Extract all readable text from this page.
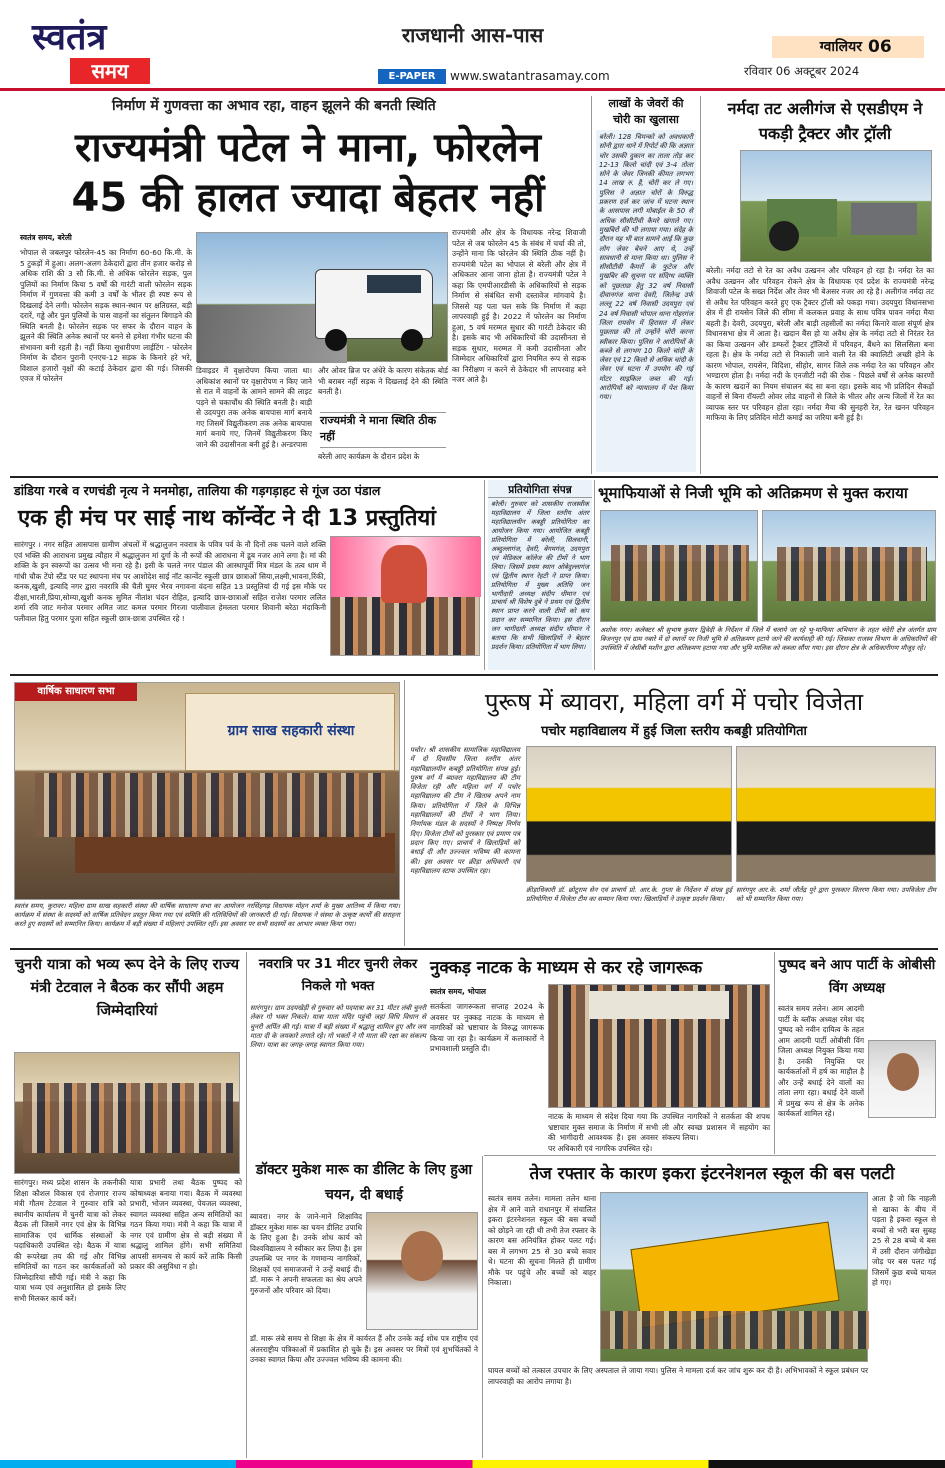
स्वतंत्र
समय
राजधानी आस-पास
E-PAPER	www.swatantrasamay.com
ग्वालियर 06
रविवार 06 अक्टूबर 2024
निर्माण में गुणवत्ता का अभाव रहा, वाहन झूलने की बनती स्थिति
राज्यमंत्री पटेल ने माना, फोरलेन
45 की हालत ज्यादा बेहतर नहीं
स्वतंत्र समय, बरेली
भोपाल से जबलपुर फोरलेन-45 का निर्माण 60-60 कि.मी. के 5 टुकड़ों में हुआ। अलग-अलग ठेकेदारों द्वारा तीन हजार करोड़ से अधिक राशि की 3 सौ कि.मी. से अधिक फोरलेन सड़क, पुल पुलियों का निर्माण किया 5 वर्षों की गारंटी वाली फोरलेन सड़क निर्माण में गुणवत्ता की कमी 3 वर्षों के भीतर ही स्पष्ट रूप से दिखलाई देने लगी। फोरलेन सड़क स्थान-स्थान पर क्षतिग्रस्त, बड़ी दरारें, गड्ढे और पुल पुलियों के पास वाहनों का संतुलन बिगाड़ने की स्थिति बनती है। फोरलेन सड़क पर सफर के दौरान वाहन के झूलने की स्थिति अनेक स्थानों पर बनने से हमेशा गंभीर घटना की संभावना बनी रहती है। नहीं किया सुधारीपण लाईटिंग - फोरलेन निर्माण के दौरान पुरानी एनएच-12 सड़क के किनारे हरे भरे, विशाल हजारों वृक्षों की कटाई ठेकेदार द्वारा की गई। जिसकी एवज में फोरलेन
डिवाइडर में वृक्षारोपण किया जाता था। अधिकांश स्थानों पर वृक्षारोपण न किए जाने से रात में वाहनों के आमने सामने की लाइट पड़ने से चकाचौंध की स्थिति बनती है। बाड़ी से उदयपुरा तक अनेक बायपास मार्ग बनाये गए जिसमें विद्युतीकरण तक अनेक बायपास मार्ग बनाये गए, जिनमें विद्युतीकरण किए जाने की उदासीनता बनी हुई है। अन्डरपास
और ओवर ब्रिज पर अंधेरे के कारण संकेतक बोर्ड भी बराबर नहीं सड़क ने दिखलाई देने की स्थिति बनती है।
राज्यमंत्री ने माना स्थिति ठीक नहीं
बरेली आए कार्यक्रम के दौरान प्रदेश के
राज्यमंत्री और क्षेत्र के विधायक नरेन्द्र शिवाजी पटेल से जब फोरलेन 45 के संबंध में चर्चा की तो, उन्होंने माना कि फोरलेन की स्थिति ठीक नहीं है। राज्यमंत्री पटेल का भोपाल से बरेली और क्षेत्र में अधिकतर आना जाना होता है। राज्यमंत्री पटेल ने कहा कि एमपीआरडीसी के अधिकारियों से सड़क निर्माण से संबंधित सभी दस्तावेज मांगवाये है। जिससे यह पता चल सके कि निर्माण में कहा लापरवाही हुई है। 2022 में फोरलेन का निर्माण हुआ, 5 वर्ष मरम्मत सुधार की गारंटी ठेकेदार की है। इसके बाद भी अधिकारियों की उदासीनता से सड़क सुधार, मरम्मत में कमी उदासीनता और जिम्मेदार अधिकारियों द्वारा नियमित रूप से सड़क का निरीक्षण न करने से ठेकेदार भी लापरवाह बने नजर आते है।
लाखों के जेवरों की चोरी का खुलासा
बरेली। 128 चिमन्को को अवधकारी सोनी द्वारा थाने में रिपोर्ट की कि अज्ञात चोर उसकी दुकान का ताला तोड़ कर 12-13 किलो चांदी एवं 3-4 तोला सोने के जेवर जिनकी कीमत लगभग 14 लाख रु. है, चोरी कर ले गए। पुलिस ने अज्ञात चोरों के विरुद्ध प्रकरण दर्ज कर जांच में घटना स्थान के आसपास लगी मोबाईल के 50 से अधिक सीसीटीवी कैमरे खंगाले गए। मुखबिरों की भी लगाया गया। संदेह के दौरान यह भी बात सामने आई कि कुछ लोग जेवर बेचने आए थे, उन्हें सावधानी से माना किया था। पुलिस ने सीसीटीवी कैमरों के फुटेज और मुखबिर की सूचना पर संदिग्ध व्यक्ति को पूछताछ हेतु 32 वर्ष निवासी दीवानगंज थाना देवरी, जिलेन्द्र उर्फ लल्लू 22 वर्ष निवासी उदयपुरा एवं 24 वर्ष निवासी भोपाल थाना गोहरगंज जिला रायसेन में हिरासत में लेकर पूछताछ की तो उन्होंने चोरी करना स्वीकार किया। पुलिस ने आरोपियों के कब्जे से लगभग 10 किलो चांदी के जेवर एवं 12 किलो से अधिक चांदी के जेवर एवं घटना में उपयोग की गई मोटर साइकिल जब्त की गई। आरोपियों को न्यायालय में पेश किया गया।
नर्मदा तट अलीगंज से एसडीएम ने पकड़ी ट्रैक्टर और ट्रॉली
बरेली। नर्मदा तटो से रेत का अवैध उत्खनन और परिवहन हो रहा है। नर्मदा रेत का अवैध उत्खनन और परिवहन रोकने क्षेत्र के विधायक एवं प्रदेश के राज्यमंत्री नरेन्द्र शिवाजी पटेल के सख्त निर्देश और तेवर भी बेअसर नजर आ रहे है। अलीगंज नर्मदा तट से अवैध रेत परिवहन करते हुए एक ट्रैक्टर ट्रॉली को पकड़ा गया। उदयपुरा विधानसभा क्षेत्र में ही रायसेन जिले की सीमा में कलकल प्रवाह के साथ पवित्र पावन नर्मदा मैया बहती है। देवरी, उदयपुरा, बरेली और बाड़ी तहसीलों का नर्मदा किनारे वाला संपूर्ण क्षेत्र विधानसभा क्षेत्र में आता है। खदान बैंस हो या अवैध क्षेत्र के नर्मदा तटो से निरंतर रेत का किया उत्खनन और डम्फरों ट्रैक्टर ट्रॉलियों में परिवहन, बैंधने का सिलसिला बना रहता है। क्षेत्र के नर्मदा तटो से निकाली जाने वाली रेत की क्वालिटी अच्छी होने के कारण भोपाल, रायसेन, विदिशा, सीहोर, सागर जिले तक नर्मदा रेत का परिवहन और भण्डारण होता है। नर्मदा नदी के एनजीटी नदी की रोक - पिछले वर्षों से अनेक कारणों के कारण खदानें का नियम संचालन बंद सा बना रहा। इसके बाद भी प्रतिदिन सैकड़ों वाहनों से बिना रॉयल्टी ओवर लोड वाहनों से जिले के भीतर और अन्य जिलों में रेत का व्यापक स्तर पर परिवहन होता रहा। नर्मदा मैया की सुनहरी रेत, रेत खनन परिवहन माफिया के लिए प्रतिदिन मोटी कमाई का जरिया बनी हुई है।
डांडिया गरबे व रणचंडी नृत्य ने मनमोहा, तालिया की गड़गड़ाहट से गूंज उठा पंडाल
एक ही मंच पर साई नाथ कॉन्वेंट ने दी 13 प्रस्तुतियां
सारंगपुर । नगर सहित आसपास ग्रामीण अंचलों में श्रद्धालुजन नवरात्र के पवित्र पर्व के नौ दिनों तक चलने वाले शक्ति एवं भक्ति की आराधना प्रमुख त्यौहार में श्रद्धालुजन मां दुर्गा के नौ रूपों की आराधना में डूब नजर आने लगा है। मां की शक्ति के इन स्वरूपों का उत्सव भी मना रहे है। इसी के चलते नगर पंडाल की आस्थापूर्वी मित्र मंडल के तत्व धाम में गांधी चौक टेंपो स्टैंड पर घट स्थापना मंच पर आशोदेश साई नॉट कान्वेंट स्कूली छात्र छात्राओं सिया,लक्ष्मी,भावना,रिंकी, कनक,खुशी, इत्यादि नगर द्वारा नवरात्रि की चैती घुमर भैरव नगावना वंदना सहित 13 प्रस्तुतियां दी गई इस मौके पर दीक्षा,भारती,प्रिया,सोम्या,खुशी कनक सुमित नीतांश चंदन रोहित, इत्यादि छात्र-छात्राओं सहित राजेश परमार ललित शर्मा रवि जाट मनोज परमार अमित जाट कमल परमार गिरजा पालीवाल हेमलता परमार शिवानी बरेठा मंदाकिनी पलीवाल हितु परमार पूजा सहित स्कूली छात्र-छात्रा उपस्थित रहे !
प्रतियोगिता संपन्न
बरेली। गुरुवार को शासकीय राजस्वीक महाविद्यालय में जिला स्तरीय अंतर महाविद्यालयीन कबड्डी प्रतियोगिता का आयोजन किया गया। आयोजित कबड्डी प्रतियोगिता में बरेली, सिलवानी, अब्दुल्लागंज, देवरी, बेगमगंज, उदयपुरा एवं मेडिकल कॉलेज की टीमों ने भाग लिया। जिसमें प्रथम स्थान ओबेदुल्लागंज एवं द्वितीय स्थान रेहटी ने प्राप्त किया। प्रतियोगिता में मुख्य अतिथि जन भागीदारी अध्यक्ष संदीप धीमान एवं प्राचार्य श्री विशेष दुबे ने प्रथम एवं द्वितीय स्थान प्राप्त करने वाली टीमों को कप प्रदान कर सम्मानित किया। इस दौरान जन भागीदारी अध्यक्ष संदीप धीमान ने बताया कि सभी खिलाड़ियों ने बेहतर प्रदर्शन किया। प्रतियोगिता में भाग लिया।
भूमाफियाओं से निजी भूमि को अतिक्रमण से मुक्त कराया
अशोक नगर। कलेक्टर श्री सुभाष कुमार द्विवेदी के निर्देशन में जिले में चलाये जा रहे भू-माफिया अभियान के तहत चंदेरी क्षेत्र अंतर्गत ग्राम बिजनपुर एवं ग्राम नबारे में दो स्थानों पर निजी भूमि से अतिक्रमण हटाये जाने की कार्यवाही की गई। जिसका राजस्व विभाग के अधिकारियों की उपस्थिति में जेसीबी मशीन द्वारा अतिक्रमण हटाया गया और भूमि मालिक को कब्जा सौंपा गया। इस दौरान क्षेत्र के अधिकारीगण मौजूद रहे।
वार्षिक साधारण सभा
ग्राम साख सहकारी संस्था
स्वतंत्र समय, कुरावर। महिला ग्राम साख सहकारी संस्था की वार्षिक साधारण सभा का आयोजन नरसिंहगढ़ विधायक मोहन शर्मा के मुख्य आतिथ्य में किया गया। कार्यक्रम में संस्था के सदस्यों को वार्षिक प्रतिवेदन प्रस्तुत किया गया एवं समिति की गतिविधियों की जानकारी दी गई। विधायक ने संस्था के उत्कृष्ट कार्यों की सराहना करते हुए सदस्यों को सम्मानित किया। कार्यक्रम में बड़ी संख्या में महिलाएं उपस्थित रहीं। इस अवसर पर सभी सदस्यों का आभार व्यक्त किया गया।
पुरूष में ब्यावरा, महिला वर्ग में पचोर विजेता
पचोर महाविद्यालय में हुई जिला स्तरीय कबड्डी प्रतियोगिता
पचोर। श्री शासकीय सामाजिक महाविद्यालय में दो दिवसीय जिला स्तरीय अंतर महाविद्यालयीन कबड्डी प्रतियोगिता संपन्न हुई। पुरुष वर्ग में ब्यावरा महाविद्यालय की टीम विजेता रही और महिला वर्ग में पचोर महाविद्यालय की टीम ने खिताब अपने नाम किया। प्रतियोगिता में जिले के विभिन्न महाविद्यालयों की टीमों ने भाग लिया। निर्णायक मंडल के सदस्यों ने निष्पक्ष निर्णय दिए। विजेता टीमों को पुरस्कार एवं प्रमाण पत्र प्रदान किए गए। प्राचार्य ने खिलाड़ियों को बधाई दी और उज्ज्वल भविष्य की कामना की। इस अवसर पर क्रीड़ा अधिकारी एवं महाविद्यालय स्टाफ उपस्थित रहा।
क्रीड़ाधिकारी डॉ. छोटूराम सेन एवं प्राचार्य प्रो. आर.के. गुप्ता के निर्देशन में संपन्न हुई प्रतियोगिता में विजेता टीम का सम्मान किया गया। खिलाड़ियों ने उत्कृष्ट प्रदर्शन किया।
सारंगपुर आर.के. शर्मा जीतेंद्र पुरे द्वारा पुरस्कार वितरण किया गया। उपविजेता टीम को भी सम्मानित किया गया।
चुनरी यात्रा को भव्य रूप देने के लिए राज्य मंत्री टेटवाल ने बैठक कर सौंपी अहम जिम्मेदारियां
सारंगपुर। मध्य प्रदेश शासन के तकनीकी शिक्षा कौशल विकास एवं रोजगार राज्य मंत्री गौतम टेटवाल ने गुरुवार रात्रि को स्थानीय कार्यालय में चुनरी यात्रा को लेकर बैठक ली जिसमें नगर एवं क्षेत्र के विभिन्न सामाजिक एवं धार्मिक संस्थाओं के पदाधिकारी उपस्थित रहे। बैठक में यात्रा की रूपरेखा तय की गई और विभिन्न समितियों का गठन कर कार्यकर्ताओं को जिम्मेदारियां सौंपी गई। मंत्री ने कहा कि यात्रा भव्य एवं अनुशासित हो इसके लिए सभी मिलकर कार्य करें।
यात्रा प्रभारी तथा बैठक पुष्पद को कोषाध्यक्ष बनाया गया। बैठक में व्यवस्था प्रभारी, भोजन व्यवस्था, पेयजल व्यवस्था, स्वागत व्यवस्था सहित अन्य समितियों का गठन किया गया। मंत्री ने कहा कि यात्रा में नगर एवं ग्रामीण क्षेत्र से बड़ी संख्या में श्रद्धालु शामिल होंगे। सभी समितियां आपसी समन्वय से कार्य करें ताकि किसी प्रकार की असुविधा न हो।
नवरात्रि पर 31 मीटर चुनरी लेकर निकले गो भक्त
सारंगपुर। ग्राम उदयखेड़ी से गुरुवार को पदयात्रा कर 31 मीटर लंबी चुनरी लेकर गो भक्त निकले। यात्रा माता मंदिर पहुंची जहां विधि विधान से चुनरी अर्पित की गई। यात्रा में बड़ी संख्या में श्रद्धालु शामिल हुए और जय माता दी के जयकारे लगाते रहे। गो भक्तों ने गौ माता की रक्षा का संकल्प लिया। यात्रा का जगह-जगह स्वागत किया गया।
डॉक्टर मुकेश मारू का डीलिट के लिए हुआ चयन, दी बधाई
ब्यावरा। नगर के जाने-माने शिक्षाविद डॉक्टर मुकेश मारू का चयन डीलिट उपाधि के लिए हुआ है। उनके शोध कार्य को विश्वविद्यालय ने स्वीकार कर लिया है। इस उपलब्धि पर नगर के गणमान्य नागरिकों, शिक्षकों एवं समाजजनों ने उन्हें बधाई दी। डॉ. मारू ने अपनी सफलता का श्रेय अपने गुरुजनों और परिवार को दिया।
डॉ. मारू लंबे समय से शिक्षा के क्षेत्र में कार्यरत हैं और उनके कई शोध पत्र राष्ट्रीय एवं अंतरराष्ट्रीय पत्रिकाओं में प्रकाशित हो चुके हैं। इस अवसर पर मित्रों एवं शुभचिंतकों ने उनका स्वागत किया और उज्ज्वल भविष्य की कामना की।
नुक्कड़ नाटक के माध्यम से कर रहे जागरूक
स्वतंत्र समय, भोपाल
सतर्कता जागरूकता सप्ताह 2024 के अवसर पर नुक्कड़ नाटक के माध्यम से नागरिकों को भ्रष्टाचार के विरुद्ध जागरूक किया जा रहा है। कार्यक्रम में कलाकारों ने प्रभावशाली प्रस्तुति दी।
नाटक के माध्यम से संदेश दिया गया कि भ्रष्टाचार मुक्त समाज के निर्माण में सभी की भागीदारी आवश्यक है। इस अवसर पर अधिकारी एवं नागरिक उपस्थित रहे।
उपस्थित नागरिकों ने सतर्कता की शपथ ली और स्वच्छ प्रशासन में सहयोग का संकल्प लिया।
पुष्पद बने आप पार्टी के ओबीसी विंग अध्यक्ष
स्वतंत्र समय तलेन। आम आदमी पार्टी के ब्लॉक अध्यक्ष रमेश चंद पुष्पद को नवीन दायित्व के तहत आम आदमी पार्टी ओबीसी विंग जिला अध्यक्ष नियुक्त किया गया है। उनकी नियुक्ति पर कार्यकर्ताओं में हर्ष का माहौल है और उन्हें बधाई देने वालों का तांता लगा रहा। बधाई देने वालों में प्रमुख रूप से क्षेत्र के अनेक कार्यकर्ता शामिल रहे।
तेज रफ्तार के कारण इकरा इंटरनेशनल स्कूल की बस पलटी
स्वतंत्र समय तलेन। मामला तलेन थाना क्षेत्र में आने वाले राधानपुर में संचालित इकरा इंटरनेशनल स्कूल की बस बच्चों को छोड़ने जा रही थी तभी तेज रफ्तार के कारण बस अनियंत्रित होकर पलट गई। बस में लगभग 25 से 30 बच्चे सवार थे। घटना की सूचना मिलते ही ग्रामीण मौके पर पहुंचे और बच्चों को बाहर निकाला।
आता है जो कि नाहली से खाका के बीच में पड़ता है इकरा स्कूल से बच्चों से भरी बस सुबह 25 से 28 बच्चे थे बस में उसी दौरान जंगीखेड़ा जोड़ पर बस पलट गई जिसमें कुछ बच्चे घायल हो गए।
घायल बच्चों को तत्काल उपचार के लिए अस्पताल ले जाया गया। पुलिस ने मामला दर्ज कर जांच शुरू कर दी है। अभिभावकों ने स्कूल प्रबंधन पर लापरवाही का आरोप लगाया है।
